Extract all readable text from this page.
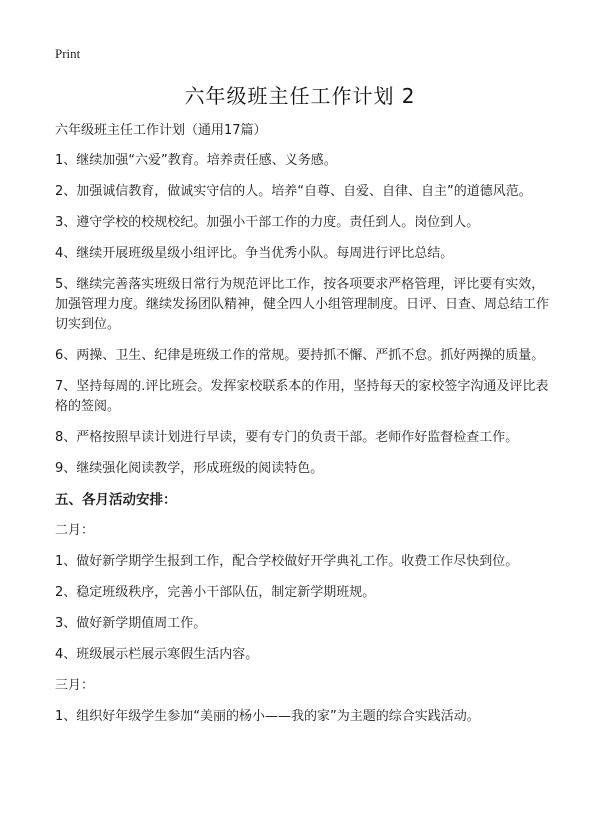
Print
六年级班主任工作计划 2

六年级班主任工作计划（通用17篇）

1、继续加强“六爱”教育。培养责任感、义务感。

2、加强诚信教育，做诚实守信的人。培养“自尊、自爱、自律、自主”的道德风范。

3、遵守学校的校规校纪。加强小干部工作的力度。责任到人。岗位到人。

4、继续开展班级星级小组评比。争当优秀小队。每周进行评比总结。

5、继续完善落实班级日常行为规范评比工作，按各项要求严格管理，评比要有实效，加强管理力度。继续发扬团队精神，健全四人小组管理制度。日评、日查、周总结工作切实到位。

6、两操、卫生、纪律是班级工作的常规。要持抓不懈、严抓不怠。抓好两操的质量。

7、坚持每周的.评比班会。发挥家校联系本的作用，坚持每天的家校签字沟通及评比表格的签阅。

8、严格按照早读计划进行早读，要有专门的负责干部。老师作好监督检查工作。

9、继续强化阅读教学，形成班级的阅读特色。

五、各月活动安排：

二月：

1、做好新学期学生报到工作，配合学校做好开学典礼工作。收费工作尽快到位。

2、稳定班级秩序，完善小干部队伍，制定新学期班规。

3、做好新学期值周工作。

4、班级展示栏展示寒假生活内容。

三月：

1、组织好年级学生参加“美丽的杨小——我的家”为主题的综合实践活动。
